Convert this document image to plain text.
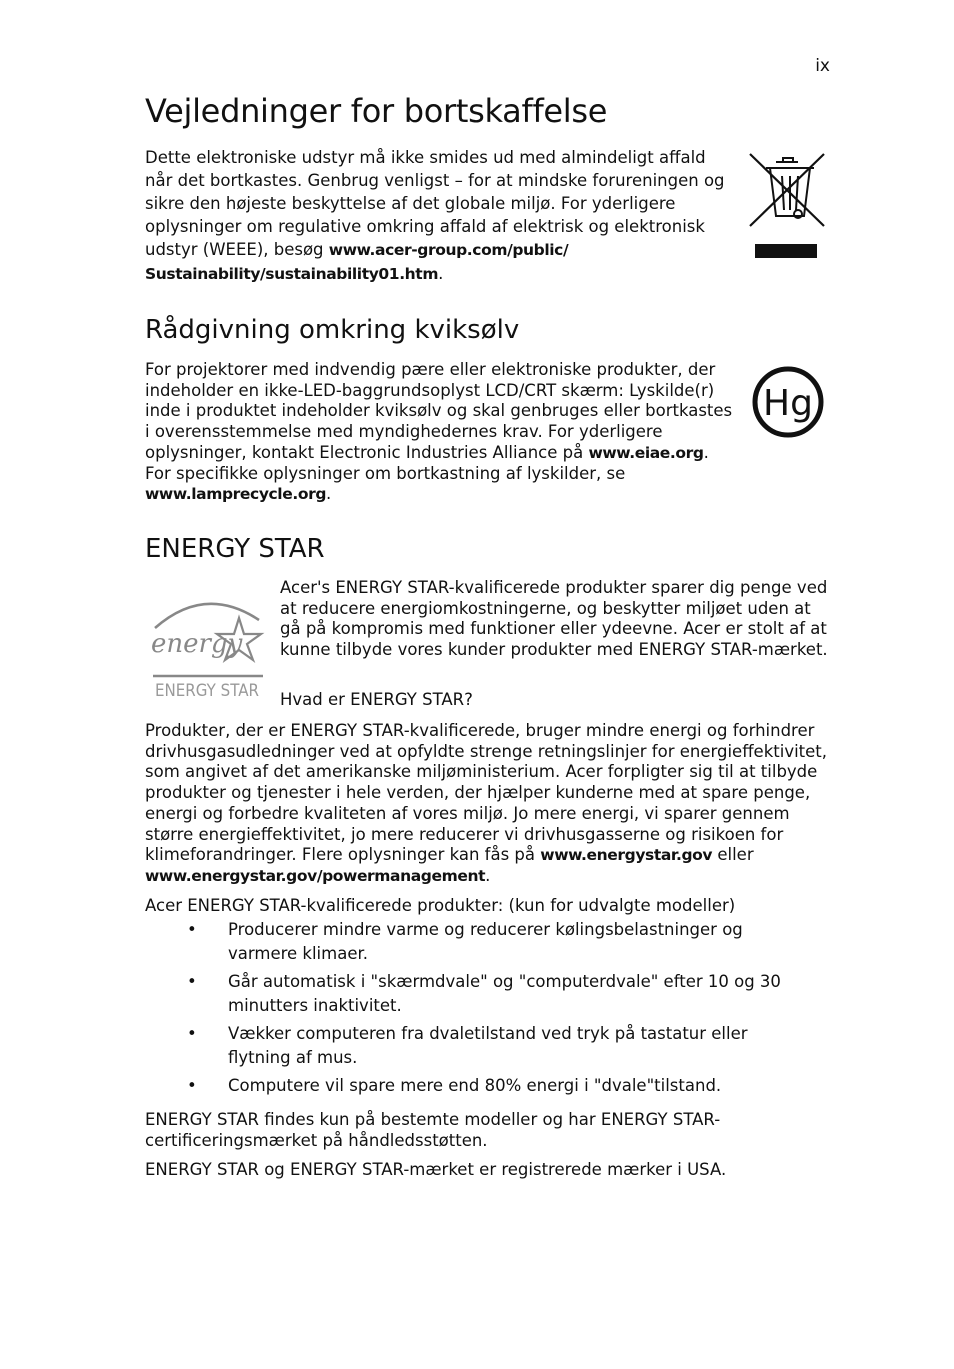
ix
Vejledninger for bortskaffelse

Dette elektroniske udstyr må ikke smides ud med almindeligt affald når det bortkastes. Genbrug venligst – for at mindske forureningen og sikre den højeste beskyttelse af det globale miljø. For yderligere oplysninger om regulative omkring affald af elektrisk og elektronisk udstyr (WEEE), besøg www.acer-group.com/public/ Sustainability/sustainability01.htm.

Rådgivning omkring kviksølv

For projektorer med indvendig pære eller elektroniske produkter, der indeholder en ikke-LED-baggrundsoplyst LCD/CRT skærm: Lyskilde(r) inde i produktet indeholder kviksølv og skal genbruges eller bortkastes i overensstemmelse med myndighedernes krav. For yderligere oplysninger, kontakt Electronic Industries Alliance på www.eiae.org. For specifikke oplysninger om bortkastning af lyskilder, se www.lamprecycle.org.

Hg
ENERGY STAR
energy
ENERGY STAR

Acer's ENERGY STAR-kvalificerede produkter sparer dig penge ved at reducere energiomkostningerne, og beskytter miljøet uden at gå på kompromis med funktioner eller ydeevne. Acer er stolt af at kunne tilbyde vores kunder produkter med ENERGY STAR-mærket.

Hvad er ENERGY STAR?

Produkter, der er ENERGY STAR-kvalificerede, bruger mindre energi og forhindrer drivhusgasudledninger ved at opfyldte strenge retningslinjer for energieffektivitet, som angivet af det amerikanske miljøministerium. Acer forpligter sig til at tilbyde produkter og tjenester i hele verden, der hjælper kunderne med at spare penge, energi og forbedre kvaliteten af vores miljø. Jo mere energi, vi sparer gennem større energieffektivitet, jo mere reducerer vi drivhusgasserne og risikoen for klimeforandringer. Flere oplysninger kan fås på www.energystar.gov eller www.energystar.gov/powermanagement.

Acer ENERGY STAR-kvalificerede produkter: (kun for udvalgte modeller)

• Producerer mindre varme og reducerer kølingsbelastninger og varmere klimaer.
• Går automatisk i "skærmdvale" og "computerdvale" efter 10 og 30 minutters inaktivitet.
• Vækker computeren fra dvaletilstand ved tryk på tastatur eller flytning af mus.
• Computere vil spare mere end 80% energi i "dvale"tilstand.

ENERGY STAR findes kun på bestemte modeller og har ENERGY STAR-certificeringsmærket på håndledsstøtten.

ENERGY STAR og ENERGY STAR-mærket er registrerede mærker i USA.
